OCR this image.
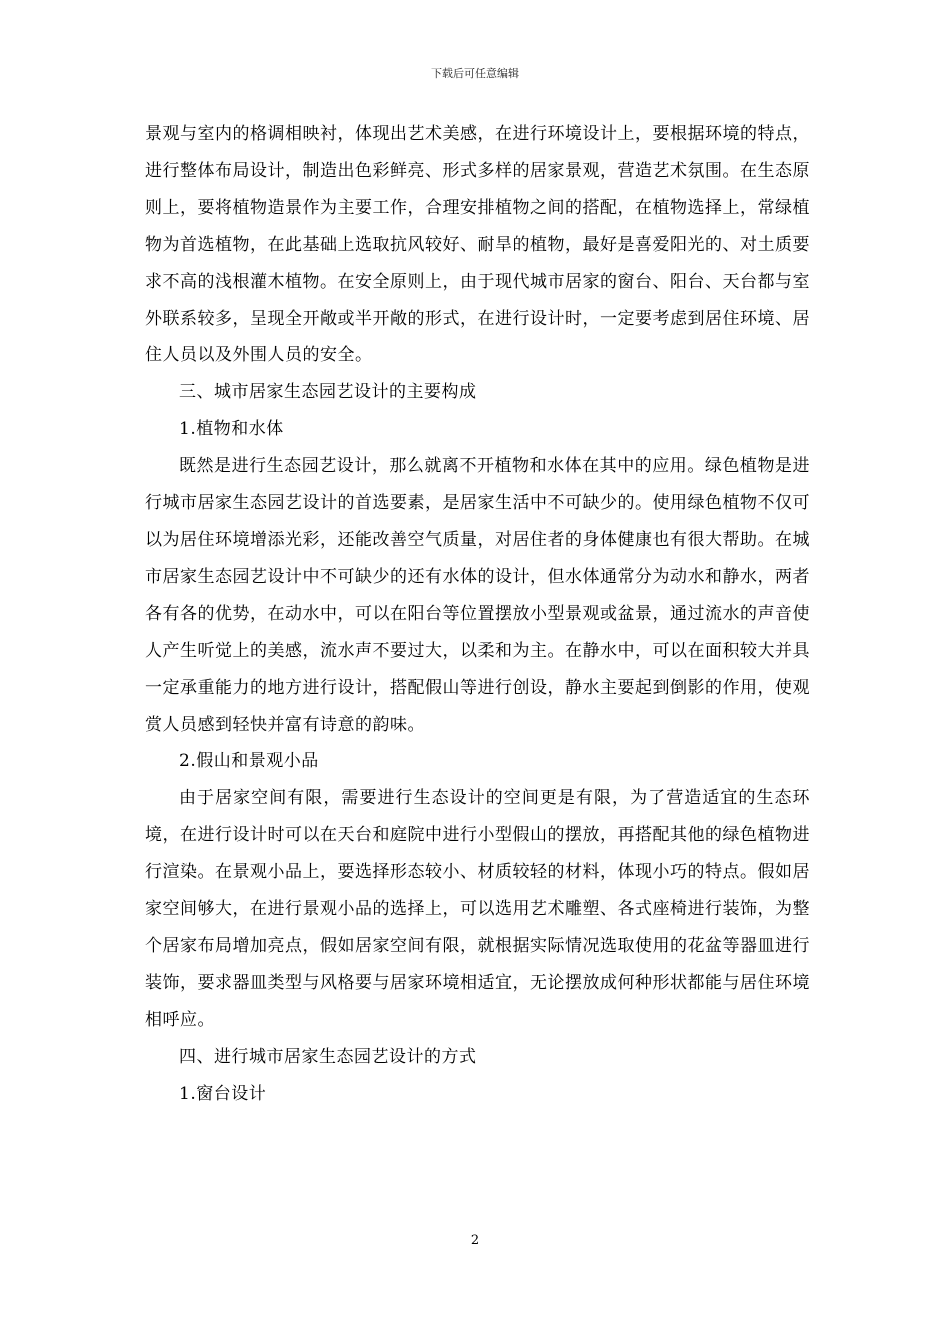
下载后可任意编辑

景观与室内的格调相映衬，体现出艺术美感，在进行环境设计上，要根据环境的特点，进行整体布局设计，制造出色彩鲜亮、形式多样的居家景观，营造艺术氛围。在生态原则上，要将植物造景作为主要工作，合理安排植物之间的搭配，在植物选择上，常绿植物为首选植物，在此基础上选取抗风较好、耐旱的植物，最好是喜爱阳光的、对土质要求不高的浅根灌木植物。在安全原则上，由于现代城市居家的窗台、阳台、天台都与室外联系较多，呈现全开敞或半开敞的形式，在进行设计时，一定要考虑到居住环境、居住人员以及外围人员的安全。

三、城市居家生态园艺设计的主要构成

1.植物和水体

既然是进行生态园艺设计，那么就离不开植物和水体在其中的应用。绿色植物是进行城市居家生态园艺设计的首选要素，是居家生活中不可缺少的。使用绿色植物不仅可以为居住环境增添光彩，还能改善空气质量，对居住者的身体健康也有很大帮助。在城市居家生态园艺设计中不可缺少的还有水体的设计，但水体通常分为动水和静水，两者各有各的优势，在动水中，可以在阳台等位置摆放小型景观或盆景，通过流水的声音使人产生听觉上的美感，流水声不要过大，以柔和为主。在静水中，可以在面积较大并具一定承重能力的地方进行设计，搭配假山等进行创设，静水主要起到倒影的作用，使观赏人员感到轻快并富有诗意的韵味。

2.假山和景观小品

由于居家空间有限，需要进行生态设计的空间更是有限，为了营造适宜的生态环境，在进行设计时可以在天台和庭院中进行小型假山的摆放，再搭配其他的绿色植物进行渲染。在景观小品上，要选择形态较小、材质较轻的材料，体现小巧的特点。假如居家空间够大，在进行景观小品的选择上，可以选用艺术雕塑、各式座椅进行装饰，为整个居家布局增加亮点，假如居家空间有限，就根据实际情况选取使用的花盆等器皿进行装饰，要求器皿类型与风格要与居家环境相适宜，无论摆放成何种形状都能与居住环境相呼应。

四、进行城市居家生态园艺设计的方式

1.窗台设计

2
